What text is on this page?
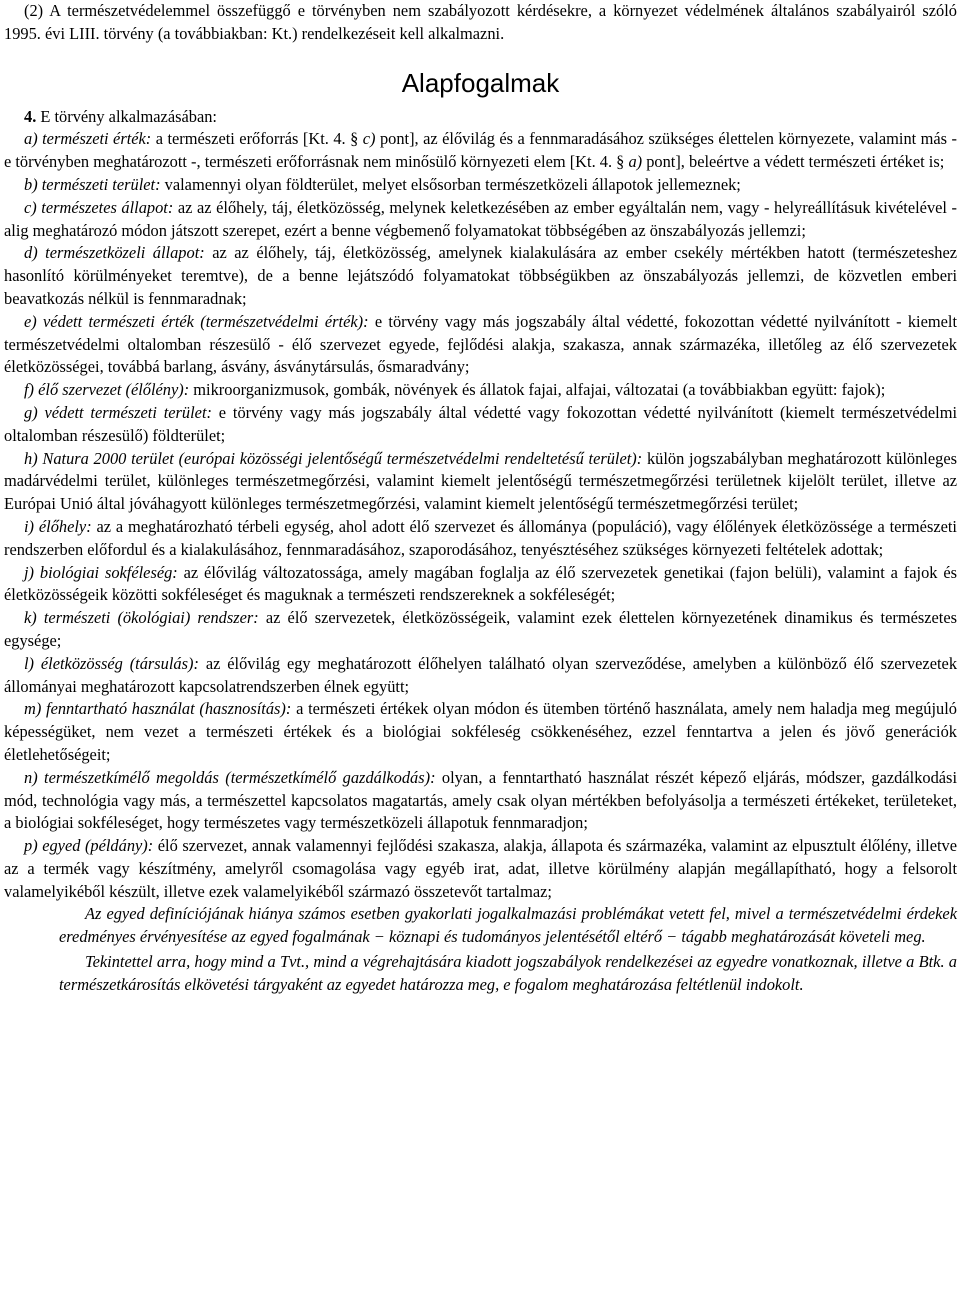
(2) A természetvédelemmel összefüggő e törvényben nem szabályozott kérdésekre, a környezet védelmének általános szabályairól szóló 1995. évi LIII. törvény (a továbbiakban: Kt.) rendelkezéseit kell alkalmazni.

Alapfogalmak

4. E törvény alkalmazásában:

a) természeti érték: a természeti erőforrás [Kt. 4. § c) pont], az élővilág és a fennmaradásához szükséges élettelen környezete, valamint más - e törvényben meghatározott -, természeti erőforrásnak nem minősülő környezeti elem [Kt. 4. § a) pont], beleértve a védett természeti értéket is;

b) természeti terület: valamennyi olyan földterület, melyet elsősorban természetközeli állapotok jellemeznek;

c) természetes állapot: az az élőhely, táj, életközösség, melynek keletkezésében az ember egyáltalán nem, vagy - helyreállításuk kivételével - alig meghatározó módon játszott szerepet, ezért a benne végbemenő folyamatokat többségében az önszabályozás jellemzi;

d) természetközeli állapot: az az élőhely, táj, életközösség, amelynek kialakulására az ember csekély mértékben hatott (természeteshez hasonlító körülményeket teremtve), de a benne lejátszódó folyamatokat többségükben az önszabályozás jellemzi, de közvetlen emberi beavatkozás nélkül is fennmaradnak;

e) védett természeti érték (természetvédelmi érték): e törvény vagy más jogszabály által védetté, fokozottan védetté nyilvánított - kiemelt természetvédelmi oltalomban részesülő - élő szervezet egyede, fejlődési alakja, szakasza, annak származéka, illetőleg az élő szervezetek életközösségei, továbbá barlang, ásvány, ásványtársulás, ősmaradvány;

f) élő szervezet (élőlény): mikroorganizmusok, gombák, növények és állatok fajai, alfajai, változatai (a továbbiakban együtt: fajok);

g) védett természeti terület: e törvény vagy más jogszabály által védetté vagy fokozottan védetté nyilvánított (kiemelt természetvédelmi oltalomban részesülő) földterület;

h) Natura 2000 terület (európai közösségi jelentőségű természetvédelmi rendeltetésű terület): külön jogszabályban meghatározott különleges madárvédelmi terület, különleges természetmegőrzési, valamint kiemelt jelentőségű természetmegőrzési területnek kijelölt terület, illetve az Európai Unió által jóváhagyott különleges természetmegőrzési, valamint kiemelt jelentőségű természetmegőrzési terület;

i) élőhely: az a meghatározható térbeli egység, ahol adott élő szervezet és állománya (populáció), vagy élőlények életközössége a természeti rendszerben előfordul és a kialakulásához, fennmaradásához, szaporodásához, tenyésztéséhez szükséges környezeti feltételek adottak;

j) biológiai sokféleség: az élővilág változatossága, amely magában foglalja az élő szervezetek genetikai (fajon belüli), valamint a fajok és életközösségeik közötti sokféleséget és maguknak a természeti rendszereknek a sokféleségét;

k) természeti (ökológiai) rendszer: az élő szervezetek, életközösségeik, valamint ezek élettelen környezetének dinamikus és természetes egysége;

l) életközösség (társulás): az élővilág egy meghatározott élőhelyen található olyan szerveződése, amelyben a különböző élő szervezetek állományai meghatározott kapcsolatrendszerben élnek együtt;

m) fenntartható használat (hasznosítás): a természeti értékek olyan módon és ütemben történő használata, amely nem haladja meg megújuló képességüket, nem vezet a természeti értékek és a biológiai sokféleség csökkenéséhez, ezzel fenntartva a jelen és jövő generációk életlehetőségeit;

n) természetkímélő megoldás (természetkímélő gazdálkodás): olyan, a fenntartható használat részét képező eljárás, módszer, gazdálkodási mód, technológia vagy más, a természettel kapcsolatos magatartás, amely csak olyan mértékben befolyásolja a természeti értékeket, területeket, a biológiai sokféleséget, hogy természetes vagy természetközeli állapotuk fennmaradjon;

p) egyed (példány): élő szervezet, annak valamennyi fejlődési szakasza, alakja, állapota és származéka, valamint az elpusztult élőlény, illetve az a termék vagy készítmény, amelyről csomagolása vagy egyéb irat, adat, illetve körülmény alapján megállapítható, hogy a felsorolt valamelyikéből készült, illetve ezek valamelyikéből származó összetevőt tartalmaz;

Az egyed definíciójának hiánya számos esetben gyakorlati jogalkalmazási problémákat vetett fel, mivel a természetvédelmi érdekek eredményes érvényesítése az egyed fogalmának − köznapi és tudományos jelentésétől eltérő − tágabb meghatározását követeli meg.

Tekintettel arra, hogy mind a Tvt., mind a végrehajtására kiadott jogszabályok rendelkezései az egyedre vonatkoznak, illetve a Btk. a természetkárosítás elkövetési tárgyaként az egyedet határozza meg, e fogalom meghatározása feltétlenül indokolt.
